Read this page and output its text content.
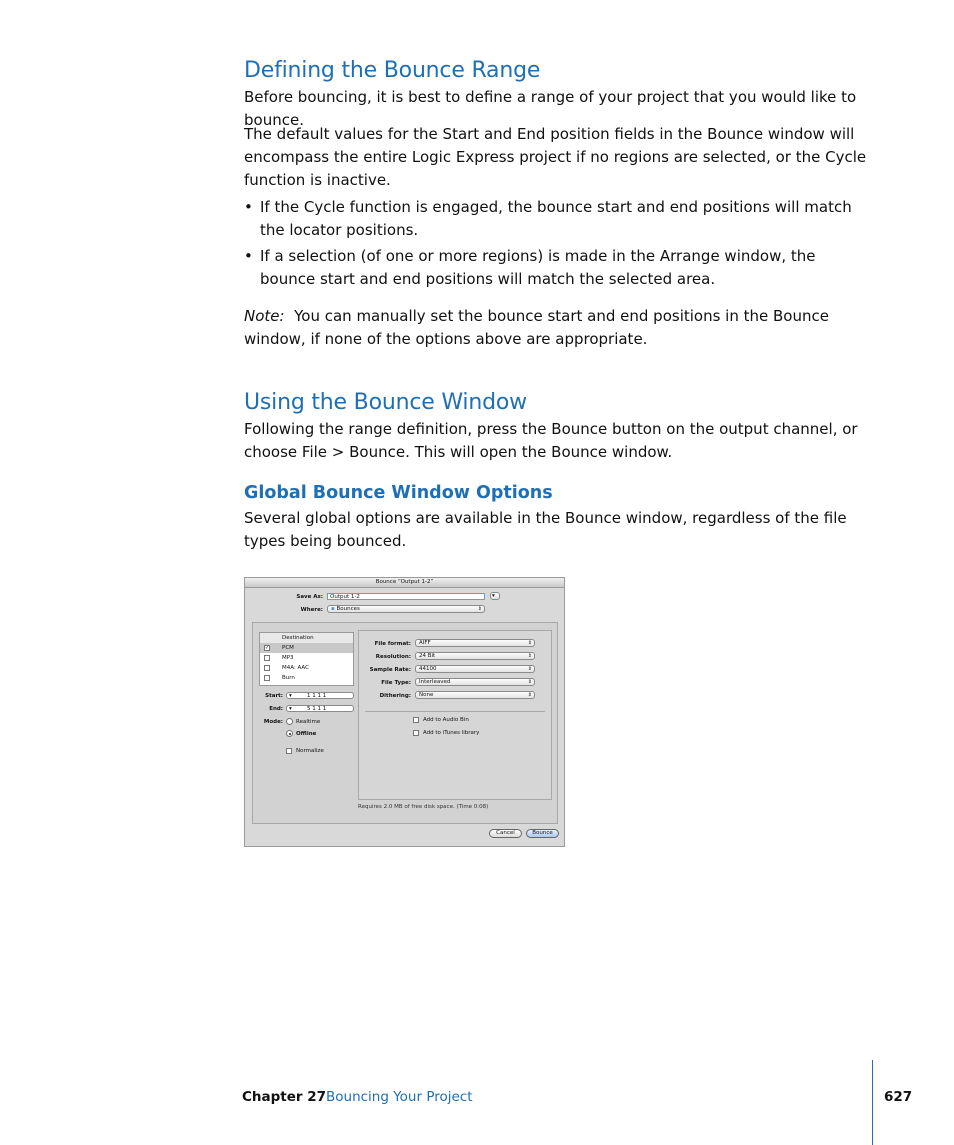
Defining the Bounce Range

Before bouncing, it is best to define a range of your project that you would like to bounce.

The default values for the Start and End position fields in the Bounce window will encompass the entire Logic Express project if no regions are selected, or the Cycle function is inactive.

• If the Cycle function is engaged, the bounce start and end positions will match the locator positions.
• If a selection (of one or more regions) is made in the Arrange window, the bounce start and end positions will match the selected area.

Note: You can manually set the bounce start and end positions in the Bounce window, if none of the options above are appropriate.

Using the Bounce Window

Following the range definition, press the Bounce button on the output channel, or choose File > Bounce. This will open the Bounce window.

Global Bounce Window Options

Several global options are available in the Bounce window, regardless of the file types being bounced.

Bounce “Output 1-2”
Save As:	Output 1-2	▾
Where:	▪ Bounces	⇕
Destination
✓ PCM
MP3
M4A: AAC
Burn
Start:	▾	1 1 1 1
End:	▾	5 1 1 1
Mode: Realtime
Offline
Normalize
File format:	AIFF	⇕
Resolution:	24 Bit	⇕
Sample Rate:	44100	⇕
File Type:	Interleaved	⇕
Dithering:	None	⇕
Add to Audio Bin
Add to iTunes library
Requires 2.0 MB of free disk space. (Time 0:08)
Cancel	Bounce
Chapter 27 Bouncing Your Project	627
